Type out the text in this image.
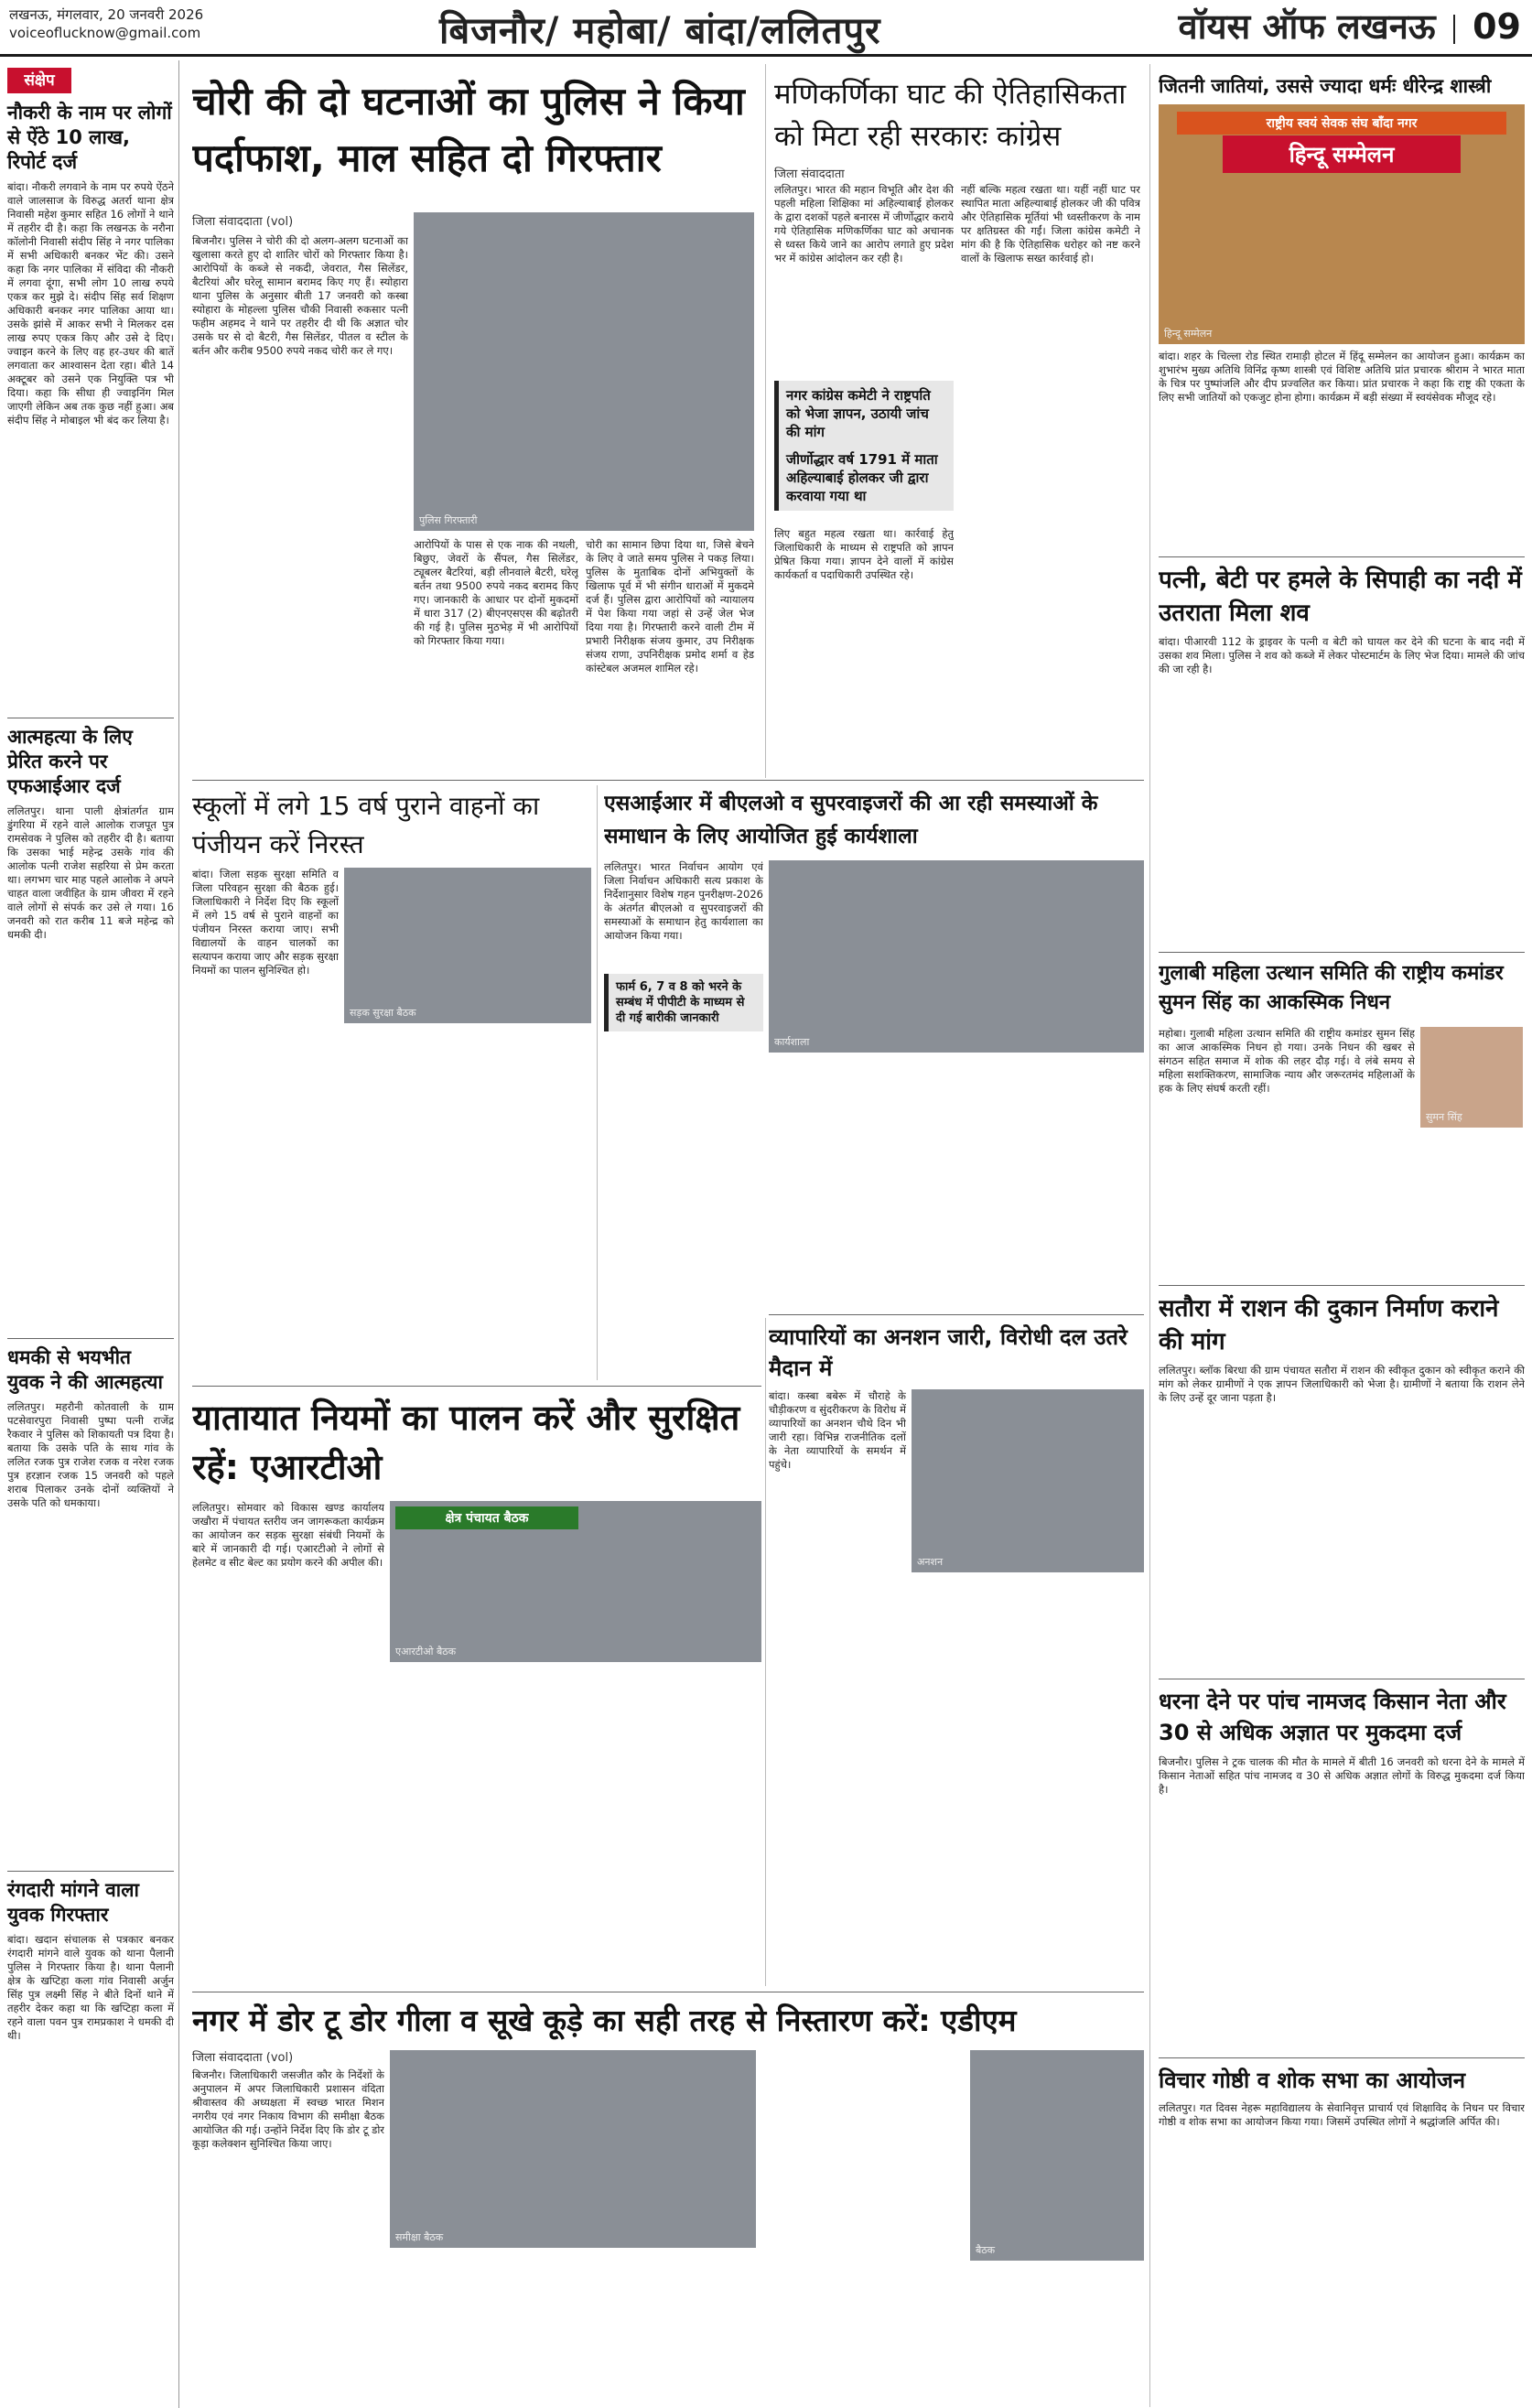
लखनऊ, मंगलवार, 20 जनवरी 2026
voiceoflucknow@gmail.com	बिजनौर/ महोबा/ बांदा/ललितपुर	वॉयस ऑफ लखनऊ 09
संक्षेप
नौकरी के नाम पर लोगों से ऐंठे 10 लाख, रिपोर्ट दर्ज
बांदा। नौकरी लगवाने के नाम पर रुपये ऐंठने वाले जालसाज के विरुद्ध अतर्रा थाना क्षेत्र निवासी महेश कुमार सहित 16 लोगों ने थाने में तहरीर दी है। कहा कि लखनऊ के नरौना कॉलोनी निवासी संदीप सिंह ने नगर पालिका में सभी अधिकारी बनकर भेंट की। उसने कहा कि नगर पालिका में संविदा की नौकरी में लगवा दूंगा, सभी लोग 10 लाख रुपये एकत्र कर मुझे दे। संदीप सिंह सर्व शिक्षण अधिकारी बनकर नगर पालिका आया था। उसके झांसे में आकर सभी ने मिलकर दस लाख रुपए एकत्र किए और उसे दे दिए। ज्वाइन करने के लिए वह हर-उधर की बातें लगवाता कर आश्वासन देता रहा। बीते 14 अक्टूबर को उसने एक नियुक्ति पत्र भी दिया। कहा कि सीधा ही ज्वाइनिंग मिल जाएगी लेकिन अब तक कुछ नहीं हुआ। अब संदीप सिंह ने मोबाइल भी बंद कर लिया है।
आत्महत्या के लिए प्रेरित करने पर एफआईआर दर्ज
ललितपुर। थाना पाली क्षेत्रांतर्गत ग्राम डुंगरिया में रहने वाले आलोक राजपूत पुत्र रामसेवक ने पुलिस को तहरीर दी है। बताया कि उसका भाई महेन्द्र उसके गांव की आलोक पत्नी राजेश सहरिया से प्रेम करता था। लगभग चार माह पहले आलोक ने अपने चाहत वाला जवीहित के ग्राम जीवरा में रहने वाले लोगों से संपर्क कर उसे ले गया। 16 जनवरी को रात करीब 11 बजे महेन्द्र को धमकी दी।
धमकी से भयभीत युवक ने की आत्महत्या
ललितपुर। महरौनी कोतवाली के ग्राम पटसेवारपुरा निवासी पुष्पा पत्नी राजेंद्र रैकवार ने पुलिस को शिकायती पत्र दिया है। बताया कि उसके पति के साथ गांव के ललित रजक पुत्र राजेश रजक व नरेश रजक पुत्र हरज्ञान रजक 15 जनवरी को पहले शराब पिलाकर उनके दोनों व्यक्तियों ने उसके पति को धमकाया।
रंगदारी मांगने वाला युवक गिरफ्तार
बांदा। खदान संचालक से पत्रकार बनकर रंगदारी मांगने वाले युवक को थाना पैलानी पुलिस ने गिरफ्तार किया है। थाना पैलानी क्षेत्र के खप्टिहा कला गांव निवासी अर्जुन सिंह पुत्र लक्ष्मी सिंह ने बीते दिनों थाने में तहरीर देकर कहा था कि खप्टिहा कला में रहने वाला पवन पुत्र रामप्रकाश ने धमकी दी थी।
चोरी की दो घटनाओं का पुलिस ने किया पर्दाफाश, माल सहित दो गिरफ्तार
जिला संवाददाता (vol)
बिजनौर। पुलिस ने चोरी की दो अलग-अलग घटनाओं का खुलासा करते हुए दो शातिर चोरों को गिरफ्तार किया है। आरोपियों के कब्जे से नकदी, जेवरात, गैस सिलेंडर, बैटरियां और घरेलू सामान बरामद किए गए हैं। स्योहारा थाना पुलिस के अनुसार बीती 17 जनवरी को कस्बा स्योहारा के मोहल्ला पुलिस चौकी निवासी रुकसार पत्नी फहीम अहमद ने थाने पर तहरीर दी थी कि अज्ञात चोर उसके घर से दो बैटरी, गैस सिलेंडर, पीतल व स्टील के बर्तन और करीब 9500 रुपये नकद चोरी कर ले गए।
पुलिस गिरफ्तारी
आरोपियों के पास से एक नाक की नथली, बिछुए, जेवरों के सैंपल, गैस सिलेंडर, ट्यूबलर बैटरियां, बड़ी लीनवाले बैटरी, घरेलू बर्तन तथा 9500 रुपये नकद बरामद किए गए। जानकारी के आधार पर दोनों मुकदमों में धारा 317 (2) बीएनएसएस की बढ़ोतरी की गई है। पुलिस मुठभेड़ में भी आरोपियों को गिरफ्तार किया गया।
चोरी का सामान छिपा दिया था, जिसे बेचने के लिए वे जाते समय पुलिस ने पकड़ लिया। पुलिस के मुताबिक दोनों अभियुक्तों के खिलाफ पूर्व में भी संगीन धाराओं में मुकदमे दर्ज हैं। पुलिस द्वारा आरोपियों को न्यायालय में पेश किया गया जहां से उन्हें जेल भेज दिया गया है। गिरफ्तारी करने वाली टीम में प्रभारी निरीक्षक संजय कुमार, उप निरीक्षक संजय राणा, उपनिरीक्षक प्रमोद शर्मा व हेड कांस्टेबल अजमल शामिल रहे।
मणिकर्णिका घाट की ऐतिहासिकता को मिटा रही सरकारः कांग्रेस
जिला संवाददाता
ललितपुर। भारत की महान विभूति और देश की पहली महिला शिक्षिका मां अहिल्याबाई होलकर के द्वारा दशकों पहले बनारस में जीर्णोद्धार कराये गये ऐतिहासिक मणिकर्णिका घाट को अचानक से ध्वस्त किये जाने का आरोप लगाते हुए प्रदेश भर में कांग्रेस आंदोलन कर रही है।
नगर कांग्रेस कमेटी ने राष्ट्रपति को भेजा ज्ञापन, उठायी जांच की मांग
जीर्णोद्धार वर्ष 1791 में माता अहिल्याबाई होलकर जी द्वारा करवाया गया था
लिए बहुत महत्व रखता था। कार्रवाई हेतु जिलाधिकारी के माध्यम से राष्ट्रपति को ज्ञापन प्रेषित किया गया। ज्ञापन देने वालों में कांग्रेस कार्यकर्ता व पदाधिकारी उपस्थित रहे।
नहीं बल्कि महत्व रखता था। यहीं नहीं घाट पर स्थापित माता अहिल्याबाई होलकर जी की पवित्र और ऐतिहासिक मूर्तियां भी ध्वस्तीकरण के नाम पर क्षतिग्रस्त की गईं। जिला कांग्रेस कमेटी ने मांग की है कि ऐतिहासिक धरोहर को नष्ट करने वालों के खिलाफ सख्त कार्रवाई हो।
जितनी जातियां, उससे ज्यादा धर्मः धीरेन्द्र शास्त्री
राष्ट्रीय स्वयं सेवक संघ बाँदा नगर
हिन्दू सम्मेलन
हिन्दू सम्मेलन
बांदा। शहर के चिल्ला रोड स्थित रामाड़ी होटल में हिंदू सम्मेलन का आयोजन हुआ। कार्यक्रम का शुभारंभ मुख्य अतिथि विनिंद्र कृष्ण शास्त्री एवं विशिष्ट अतिथि प्रांत प्रचारक श्रीराम ने भारत माता के चित्र पर पुष्पांजलि और दीप प्रज्वलित कर किया। प्रांत प्रचारक ने कहा कि राष्ट्र की एकता के लिए सभी जातियों को एकजुट होना होगा। कार्यक्रम में बड़ी संख्या में स्वयंसेवक मौजूद रहे।
पत्नी, बेटी पर हमले के सिपाही का नदी में उतराता मिला शव
बांदा। पीआरवी 112 के ड्राइवर के पत्नी व बेटी को घायल कर देने की घटना के बाद नदी में उसका शव मिला। पुलिस ने शव को कब्जे में लेकर पोस्टमार्टम के लिए भेज दिया। मामले की जांच की जा रही है।
गुलाबी महिला उत्थान समिति की राष्ट्रीय कमांडर सुमन सिंह का आकस्मिक निधन
महोबा। गुलाबी महिला उत्थान समिति की राष्ट्रीय कमांडर सुमन सिंह का आज आकस्मिक निधन हो गया। उनके निधन की खबर से संगठन सहित समाज में शोक की लहर दौड़ गई। वे लंबे समय से महिला सशक्तिकरण, सामाजिक न्याय और जरूरतमंद महिलाओं के हक के लिए संघर्ष करती रहीं।
सुमन सिंह
सतौरा में राशन की दुकान निर्माण कराने की मांग
ललितपुर। ब्लॉक बिरधा की ग्राम पंचायत सतौरा में राशन की स्वीकृत दुकान को स्वीकृत कराने की मांग को लेकर ग्रामीणों ने एक ज्ञापन जिलाधिकारी को भेजा है। ग्रामीणों ने बताया कि राशन लेने के लिए उन्हें दूर जाना पड़ता है।
धरना देने पर पांच नामजद किसान नेता और 30 से अधिक अज्ञात पर मुकदमा दर्ज
बिजनौर। पुलिस ने ट्रक चालक की मौत के मामले में बीती 16 जनवरी को धरना देने के मामले में किसान नेताओं सहित पांच नामजद व 30 से अधिक अज्ञात लोगों के विरुद्ध मुकदमा दर्ज किया है।
विचार गोष्ठी व शोक सभा का आयोजन
ललितपुर। गत दिवस नेहरू महाविद्यालय के सेवानिवृत्त प्राचार्य एवं शिक्षाविद के निधन पर विचार गोष्ठी व शोक सभा का आयोजन किया गया। जिसमें उपस्थित लोगों ने श्रद्धांजलि अर्पित की।
स्कूलों में लगे 15 वर्ष पुराने वाहनों का पंजीयन करें निरस्त
बांदा। जिला सड़क सुरक्षा समिति व जिला परिवहन सुरक्षा की बैठक हुई। जिलाधिकारी ने निर्देश दिए कि स्कूलों में लगे 15 वर्ष से पुराने वाहनों का पंजीयन निरस्त कराया जाए। सभी विद्यालयों के वाहन चालकों का सत्यापन कराया जाए और सड़क सुरक्षा नियमों का पालन सुनिश्चित हो।
सड़क सुरक्षा बैठक
एसआईआर में बीएलओ व सुपरवाइजरों की आ रही समस्याओं के समाधान के लिए आयोजित हुई कार्यशाला
कार्यशाला
ललितपुर। भारत निर्वाचन आयोग एवं जिला निर्वाचन अधिकारी सत्य प्रकाश के निर्देशानुसार विशेष गहन पुनरीक्षण-2026 के अंतर्गत बीएलओ व सुपरवाइजरों की समस्याओं के समाधान हेतु कार्यशाला का आयोजन किया गया।
फार्म 6, 7 व 8 को भरने के सम्बंध में पीपीटी के माध्यम से दी गई बारीकी जानकारी
व्यापारियों का अनशन जारी, विरोधी दल उतरे मैदान में
बांदा। कस्बा बबेरू में चौराहे के चौड़ीकरण व सुंदरीकरण के विरोध में व्यापारियों का अनशन चौथे दिन भी जारी रहा। विभिन्न राजनीतिक दलों के नेता व्यापारियों के समर्थन में पहुंचे।
अनशन
यातायात नियमों का पालन करें और सुरक्षित रहें: एआरटीओ
ललितपुर। सोमवार को विकास खण्ड कार्यालय जखौरा में पंचायत स्तरीय जन जागरूकता कार्यक्रम का आयोजन कर सड़क सुरक्षा संबंधी नियमों के बारे में जानकारी दी गई। एआरटीओ ने लोगों से हेलमेट व सीट बेल्ट का प्रयोग करने की अपील की।
क्षेत्र पंचायत बैठक
एआरटीओ बैठक
नगर में डोर टू डोर गीला व सूखे कूड़े का सही तरह से निस्तारण करें: एडीएम
जिला संवाददाता (vol)
बिजनौर। जिलाधिकारी जसजीत कौर के निर्देशों के अनुपालन में अपर जिलाधिकारी प्रशासन वंदिता श्रीवास्तव की अध्यक्षता में स्वच्छ भारत मिशन नगरीय एवं नगर निकाय विभाग की समीक्षा बैठक आयोजित की गई। उन्होंने निर्देश दिए कि डोर टू डोर कूड़ा कलेक्शन सुनिश्चित किया जाए।
समीक्षा बैठक
बैठक
